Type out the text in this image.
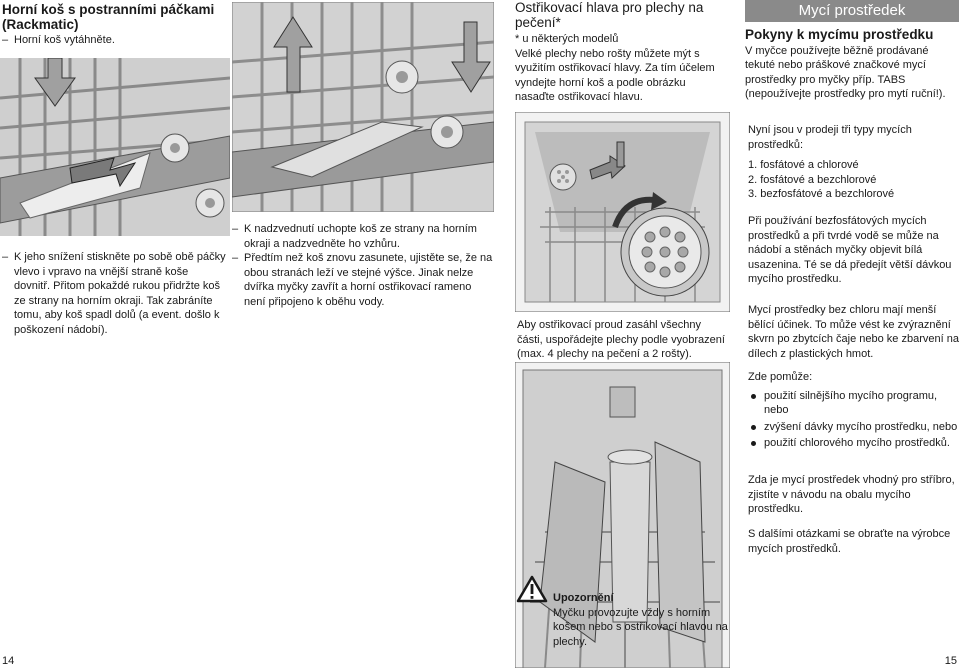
Horní koš s postranními páčkami (Rackmatic)
– Horní koš vytáhněte.
– K jeho snížení stiskněte po sobě obě páčky vlevo i vpravo na vnější straně koše dovnitř. Přitom pokaždé rukou přidržte koš ze strany na horním okraji. Tak zabráníte tomu, aby koš spadl dolů (a event. došlo k poškození nádobí).
– K nadzvednutí uchopte koš ze strany na horním okraji a nadzvedněte ho vzhůru.
– Předtím než koš znovu zasunete, ujistěte se, že na obou stranách leží ve stejné výšce. Jinak nelze dvířka myčky zavřít a horní ostřikovací rameno není připojeno k oběhu vody.
Ostřikovací hlava pro plechy na pečení*
* u některých modelů
Velké plechy nebo rošty můžete mýt s využitím ostřikovací hlavy. Za tím účelem vyndejte horní koš a podle obrázku nasaďte ostřikovací hlavu.
Aby ostřikovací proud zasáhl všechny části, uspořádejte plechy podle vyobrazení (max. 4 plechy na pečení a 2 rošty).
Mycí prostředek
Pokyny k mycímu prostředku
V myčce používejte běžně prodávané tekuté nebo práškové značkové mycí prostředky pro myčky příp. TABS (nepoužívejte prostředky pro mytí ruční!).
Nyní jsou v prodeji tři typy mycích prostředků:
1. fosfátové a chlorové
2. fosfátové a bezchlorové
3. bezfosfátové a bezchlorové
Při používání bezfosfátových mycích prostředků a při tvrdé vodě se může na nádobí a stěnách myčky objevit bílá usazenina. Té se dá předejít větší dávkou mycího prostředku.
Mycí prostředky bez chloru mají menší bělící účinek. To může vést ke zvýraznění skvrn po zbytcích čaje nebo ke zbarvení na dílech z plastických hmot.
Zde pomůže:
použití silnějšího mycího programu, nebo
zvýšení dávky mycího prostředku, nebo
použití chlorového mycího prostředků.
Zda je mycí prostředek vhodný pro stříbro, zjistíte v návodu na obalu mycího prostředku.
S dalšími otázkami se obraťte na výrobce mycích prostředků.
Upozornění
Myčku provozujte vždy s horním košem nebo s ostřikovací hlavou na plechy.
14	15
